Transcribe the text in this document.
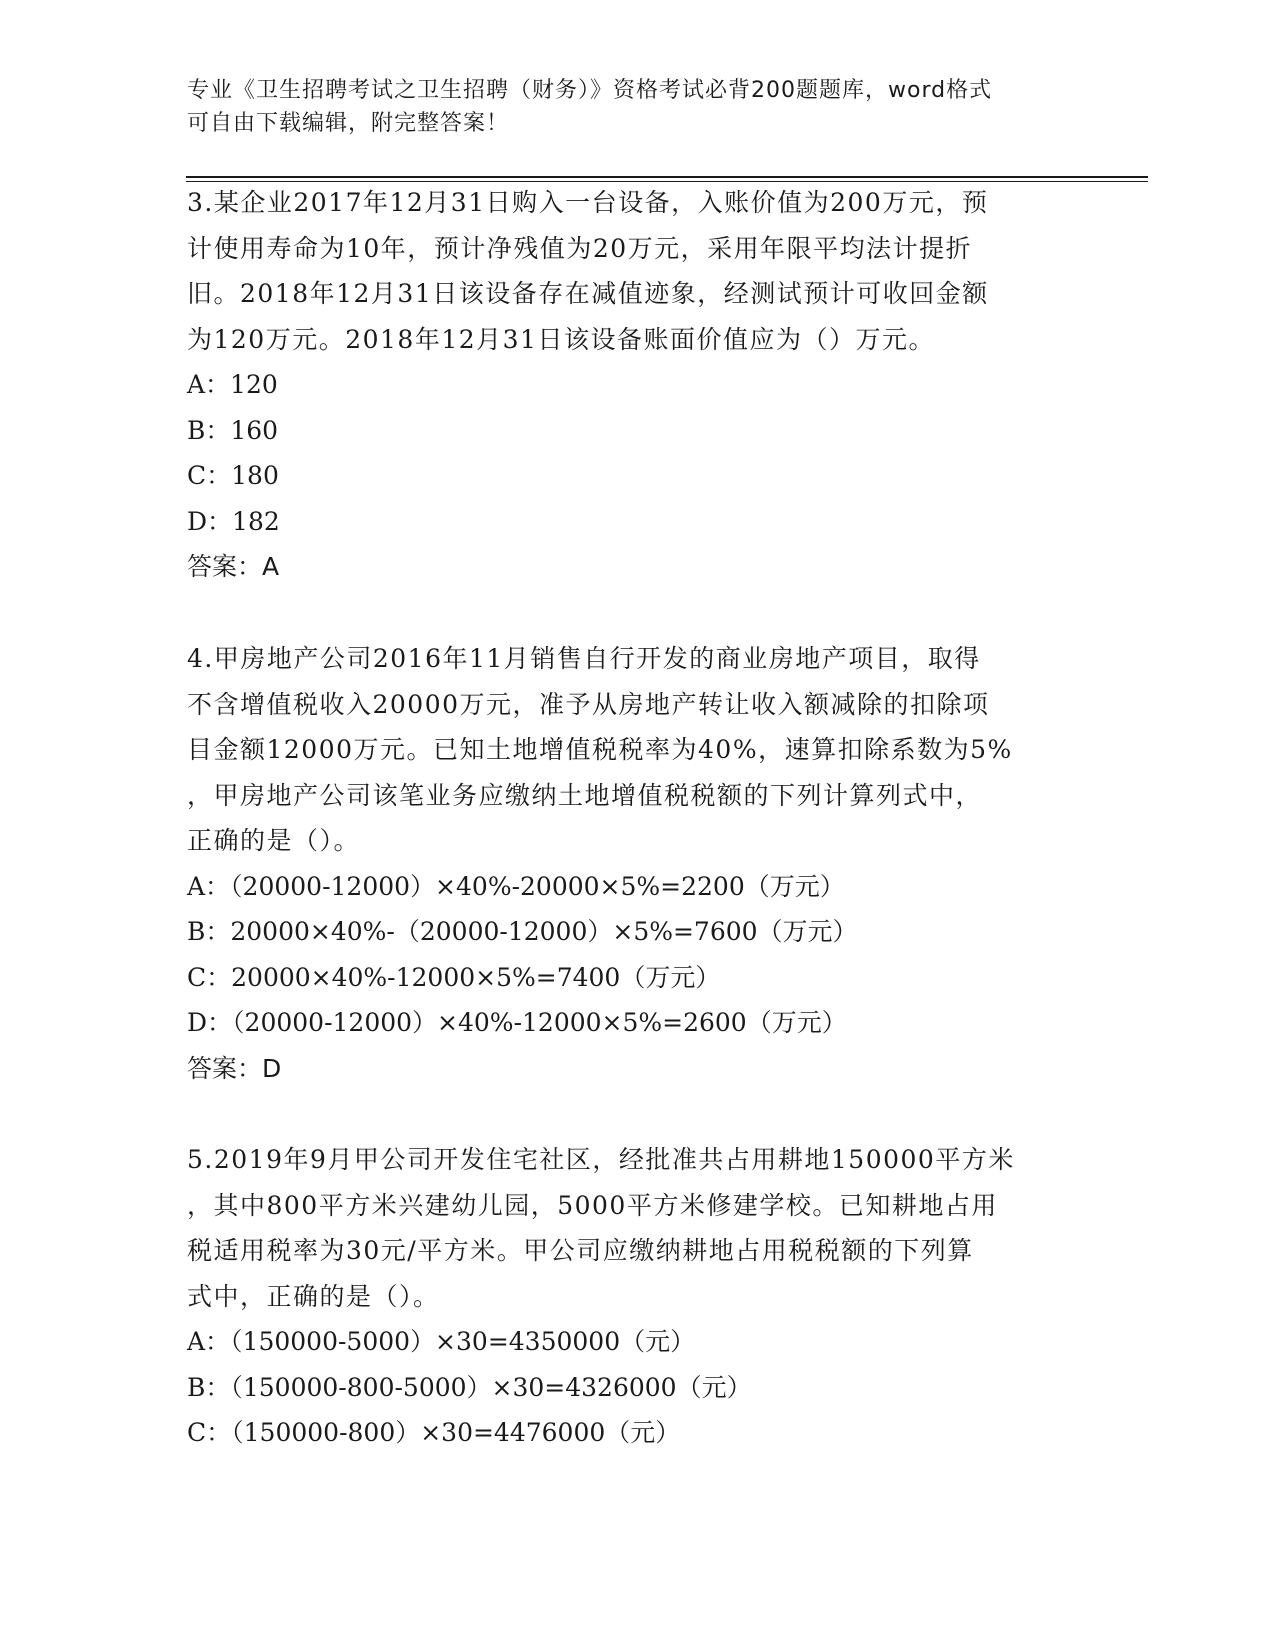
专业《卫生招聘考试之卫生招聘（财务）》资格考试必背200题题库，word格式
可自由下载编辑，附完整答案！
3.某企业2017年12月31日购入一台设备，入账价值为200万元，预
计使用寿命为10年，预计净残值为20万元，采用年限平均法计提折
旧。2018年12月31日该设备存在减值迹象，经测试预计可收回金额
为120万元。2018年12月31日该设备账面价值应为（）万元。
A：120
B：160
C：180
D：182
答案：A
4.甲房地产公司2016年11月销售自行开发的商业房地产项目，取得
不含增值税收入20000万元，准予从房地产转让收入额减除的扣除项
目金额12000万元。已知土地增值税税率为40%，速算扣除系数为5%
，甲房地产公司该笔业务应缴纳土地增值税税额的下列计算列式中，
正确的是（）。
A：（20000-12000）×40%-20000×5%=2200（万元）
B：20000×40%-（20000-12000）×5%=7600（万元）
C：20000×40%-12000×5%=7400（万元）
D：（20000-12000）×40%-12000×5%=2600（万元）
答案：D
5.2019年9月甲公司开发住宅社区，经批准共占用耕地150000平方米
，其中800平方米兴建幼儿园，5000平方米修建学校。已知耕地占用
税适用税率为30元/平方米。甲公司应缴纳耕地占用税税额的下列算
式中，正确的是（）。
A：（150000-5000）×30=4350000（元）
B：（150000-800-5000）×30=4326000（元）
C：（150000-800）×30=4476000（元）
